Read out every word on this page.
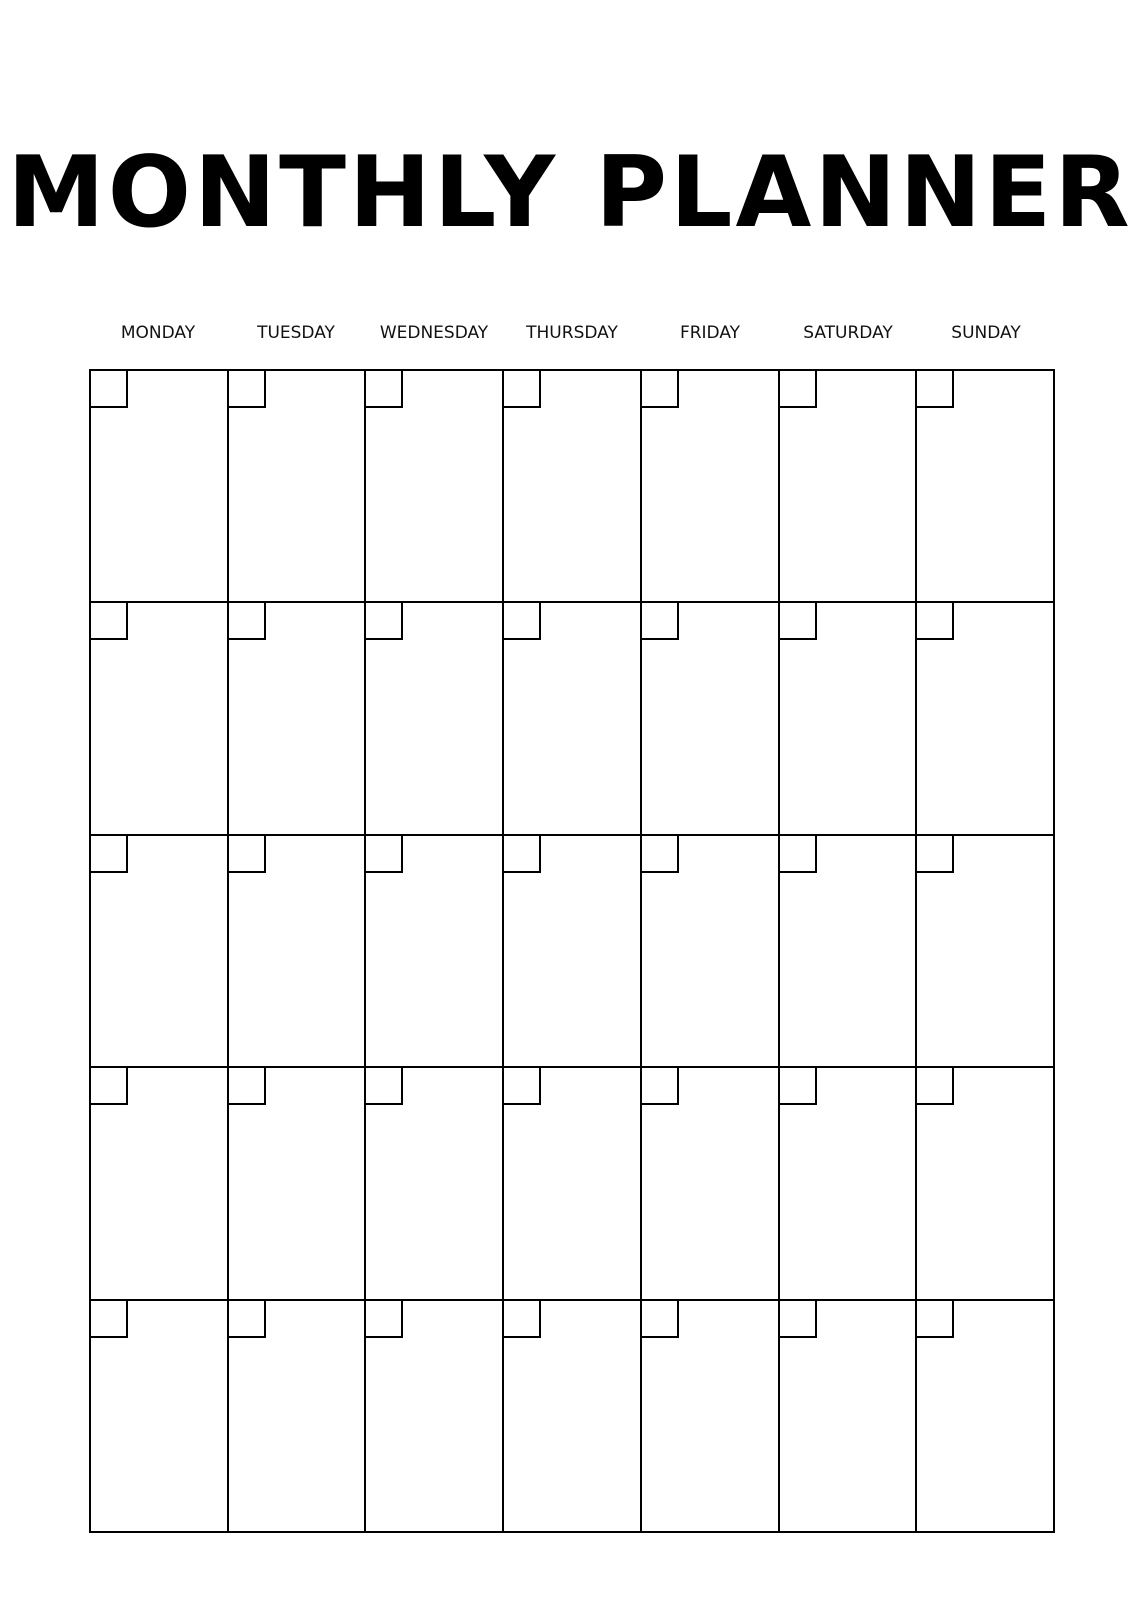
MONTHLY PLANNER
MONDAY	TUESDAY	WEDNESDAY	THURSDAY	FRIDAY	SATURDAY	SUNDAY
